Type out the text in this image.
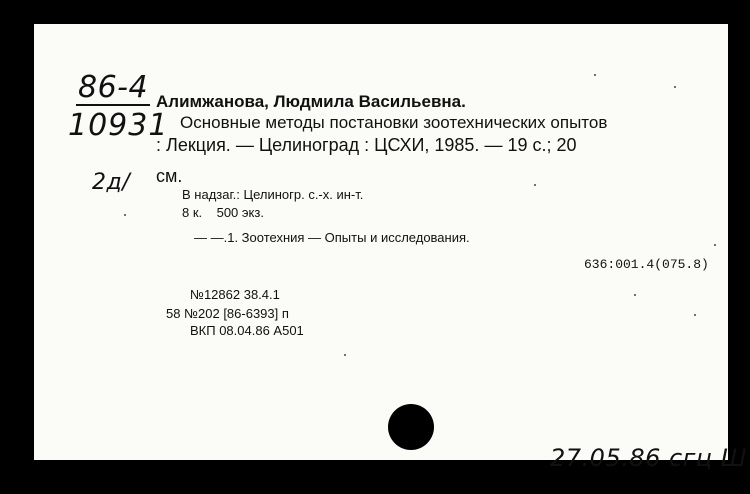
86-4
10931
2д/
Алимжанова, Людмила Васильевна.
Основные методы постановки зоотехнических опытов
: Лекция. — Целиноград : ЦСХИ, 1985. — 19 с.; 20
см.
В надзаг.: Целиногр. с.-х. ин-т.
8 к.    500 экз.
— —.1. Зоотехния — Опыты и исследования.
636:001.4(075.8)
№12862 38.4.1
58 №202 [86-6393] п
ВКП 08.04.86 А501
27.05.86 сгц Ш
